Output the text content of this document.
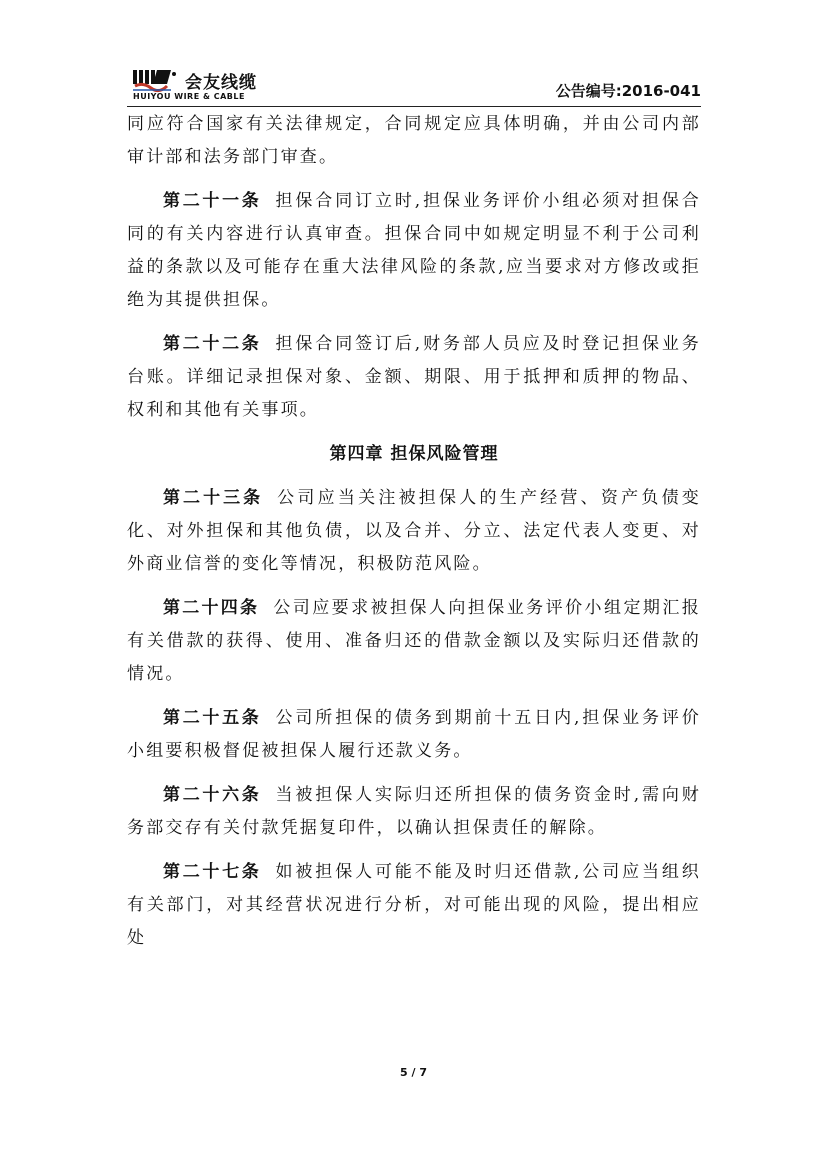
会友线缆
HUIYOU WIRE & CABLE	公告编号:2016-041

同应符合国家有关法律规定，合同规定应具体明确，并由公司内部审计部和法务部门审查。

第二十一条 担保合同订立时,担保业务评价小组必须对担保合同的有关内容进行认真审查。担保合同中如规定明显不利于公司利益的条款以及可能存在重大法律风险的条款,应当要求对方修改或拒绝为其提供担保。

第二十二条 担保合同签订后,财务部人员应及时登记担保业务台账。详细记录担保对象、金额、期限、用于抵押和质押的物品、权利和其他有关事项。

第四章 担保风险管理

第二十三条 公司应当关注被担保人的生产经营、资产负债变化、对外担保和其他负债，以及合并、分立、法定代表人变更、对外商业信誉的变化等情况，积极防范风险。

第二十四条 公司应要求被担保人向担保业务评价小组定期汇报有关借款的获得、使用、准备归还的借款金额以及实际归还借款的情况。

第二十五条 公司所担保的债务到期前十五日内,担保业务评价小组要积极督促被担保人履行还款义务。

第二十六条 当被担保人实际归还所担保的债务资金时,需向财务部交存有关付款凭据复印件，以确认担保责任的解除。

第二十七条 如被担保人可能不能及时归还借款,公司应当组织有关部门，对其经营状况进行分析，对可能出现的风险，提出相应处

5 / 7
